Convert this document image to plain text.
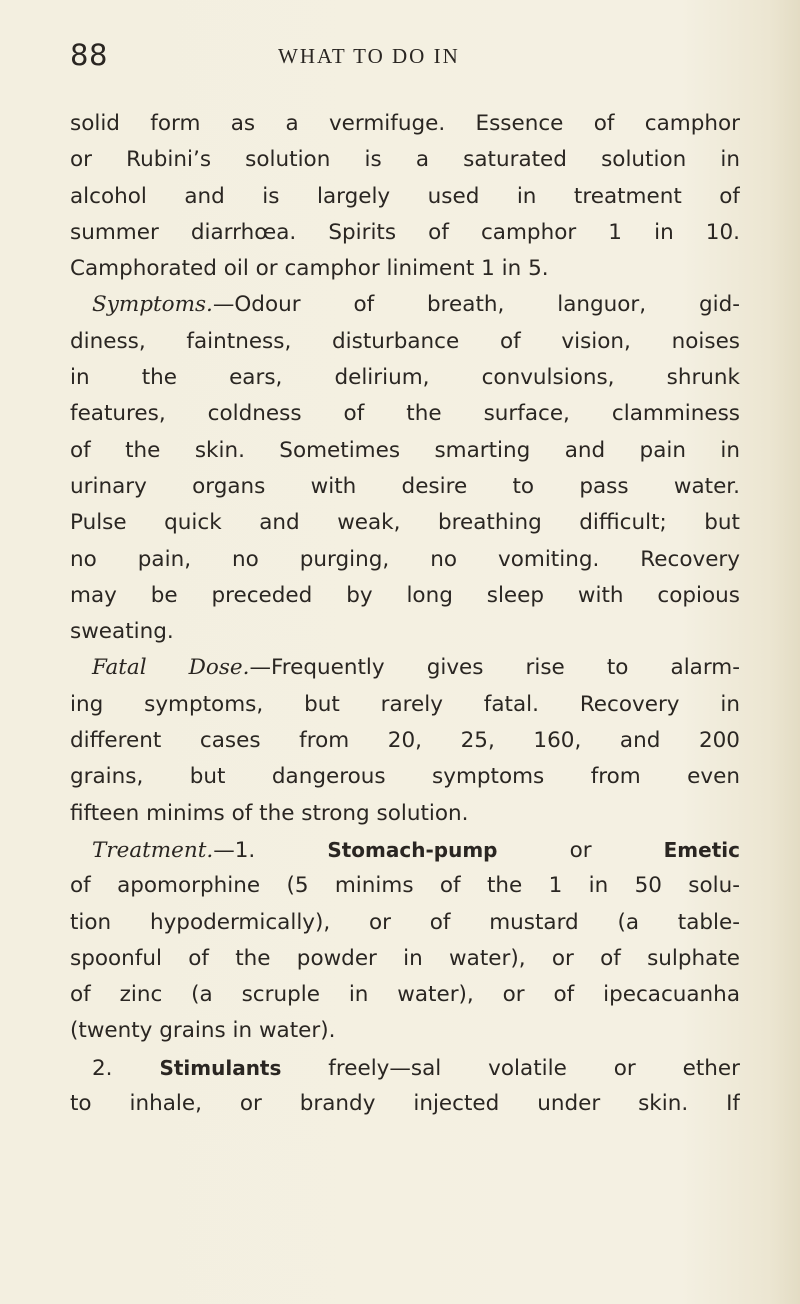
88	WHAT TO DO IN
solid form as a vermifuge. Essence of camphor
or Rubini’s solution is a saturated solution in
alcohol and is largely used in treatment of
summer diarrhœa. Spirits of camphor 1 in 10.
Camphorated oil or camphor liniment 1 in 5.
Symptoms.—Odour of breath, languor, gid-
diness, faintness, disturbance of vision, noises
in the ears, delirium, convulsions, shrunk
features, coldness of the surface, clamminess
of the skin. Sometimes smarting and pain in
urinary organs with desire to pass water.
Pulse quick and weak, breathing difficult; but
no pain, no purging, no vomiting. Recovery
may be preceded by long sleep with copious
sweating.
Fatal Dose.—Frequently gives rise to alarm-
ing symptoms, but rarely fatal. Recovery in
different cases from 20, 25, 160, and 200
grains, but dangerous symptoms from even
fifteen minims of the strong solution.
Treatment.—1. Stomach-pump or Emetic
of apomorphine (5 minims of the 1 in 50 solu-
tion hypodermically), or of mustard (a table-
spoonful of the powder in water), or of sulphate
of zinc (a scruple in water), or of ipecacuanha
(twenty grains in water).
2. Stimulants freely—sal volatile or ether
to inhale, or brandy injected under skin. If
